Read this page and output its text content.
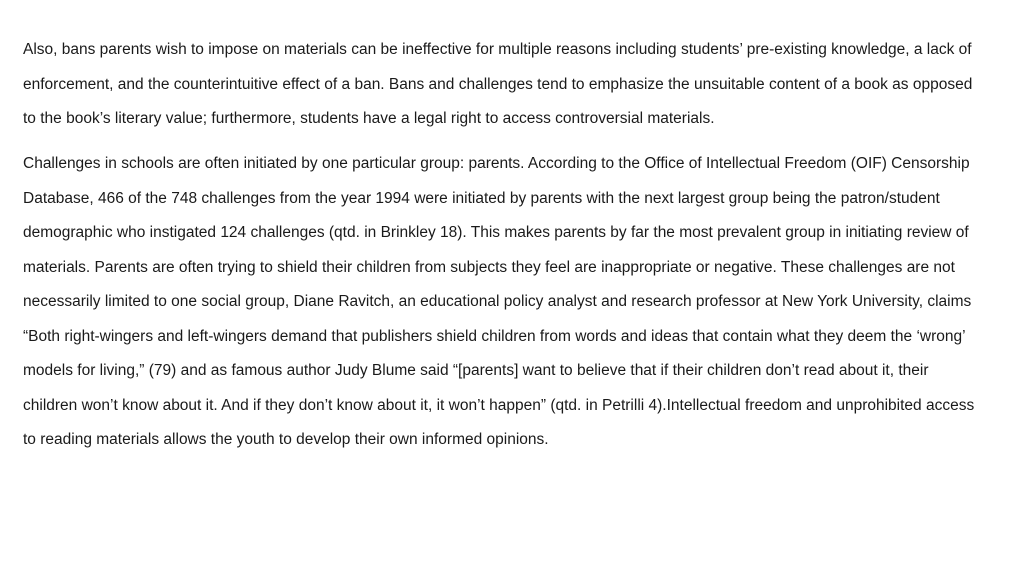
Also, bans parents wish to impose on materials can be ineffective for multiple reasons including students’ pre-existing knowledge, a lack of enforcement, and the counterintuitive effect of a ban. Bans and challenges tend to emphasize the unsuitable content of a book as opposed to the book’s literary value; furthermore, students have a legal right to access controversial materials.

Challenges in schools are often initiated by one particular group: parents. According to the Office of Intellectual Freedom (OIF) Censorship Database, 466 of the 748 challenges from the year 1994 were initiated by parents with the next largest group being the patron/student demographic who instigated 124 challenges (qtd. in Brinkley 18). This makes parents by far the most prevalent group in initiating review of materials. Parents are often trying to shield their children from subjects they feel are inappropriate or negative. These challenges are not necessarily limited to one social group, Diane Ravitch, an educational policy analyst and research professor at New York University, claims “Both right-wingers and left-wingers demand that publishers shield children from words and ideas that contain what they deem the ‘wrong’ models for living,” (79) and as famous author Judy Blume said “[parents] want to believe that if their children don’t read about it, their children won’t know about it. And if they don’t know about it, it won’t happen” (qtd. in Petrilli 4).Intellectual freedom and unprohibited access to reading materials allows the youth to develop their own informed opinions.
